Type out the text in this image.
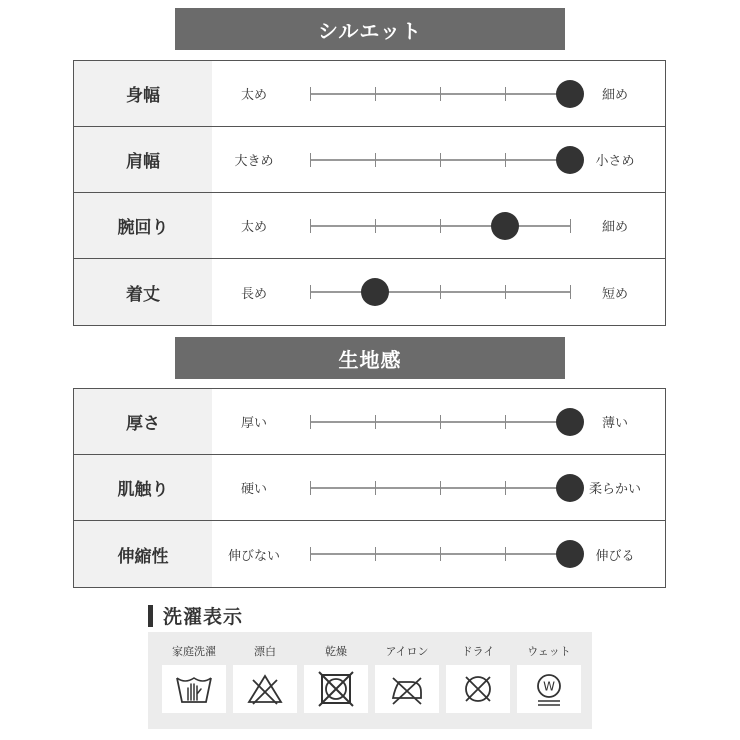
シルエット
身幅	太め	細め
肩幅	大きめ	小さめ
腕回り	太め	細め
着丈	長め	短め
生地感
厚さ	厚い	薄い
肌触り	硬い	柔らかい
伸縮性	伸びない	伸びる
洗濯表示
家庭洗濯	漂白	乾燥	アイロン	ドライ	ウェット
W
